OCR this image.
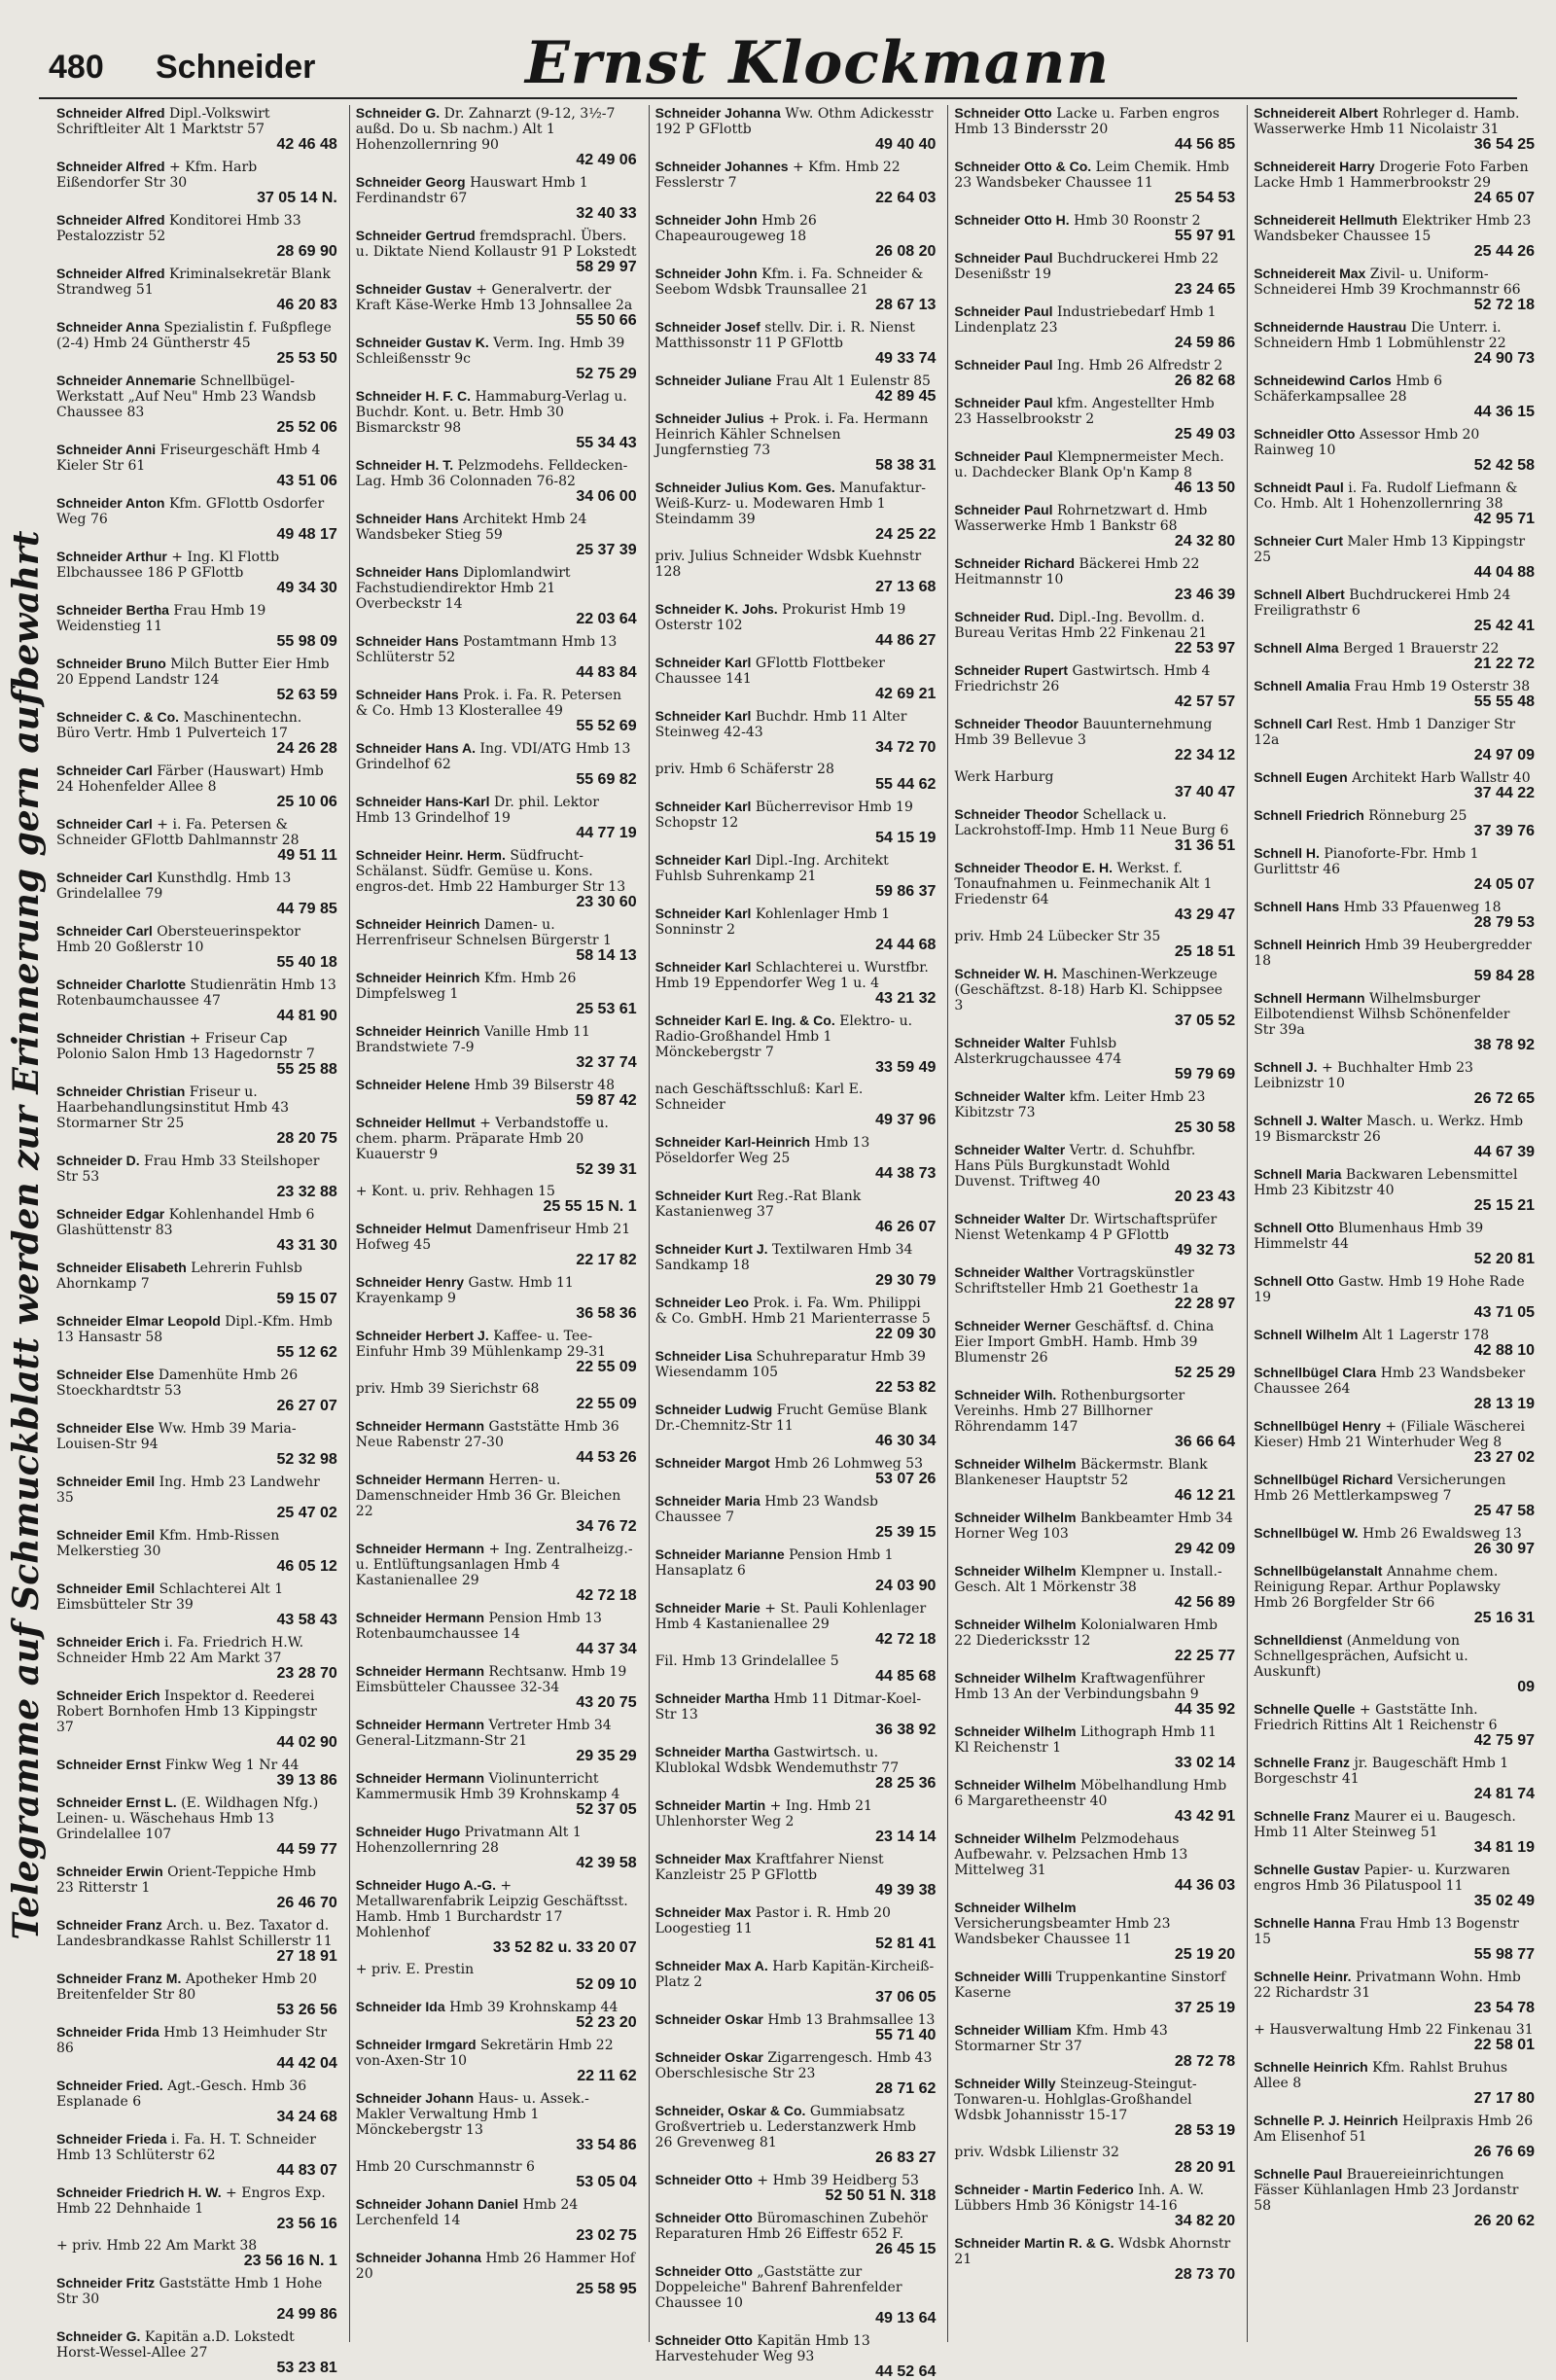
480 Schneider	Ernst Klockmann
Telegramme auf Schmuckblatt werden zur Erinnerung gern aufbewahrt
Schneider Alfred Dipl.-Volkswirt Schriftleiter Alt 1 Marktstr 57
42 46 48
Schneider Alfred + Kfm. Harb Eißendorfer Str 30
37 05 14 N.
Schneider Alfred Konditorei Hmb 33 Pestalozzistr 52
28 69 90
Schneider Alfred Kriminalsekretär Blank Strandweg 51
46 20 83
Schneider Anna Spezialistin f. Fußpflege (2-4) Hmb 24 Güntherstr 45
25 53 50
Schneider Annemarie Schnellbügel-Werkstatt „Auf Neu" Hmb 23 Wandsb Chaussee 83
25 52 06
Schneider Anni Friseurgeschäft Hmb 4 Kieler Str 61
43 51 06
Schneider Anton Kfm. GFlottb Osdorfer Weg 76
49 48 17
Schneider Arthur + Ing. Kl Flottb Elbchaussee 186 P GFlottb
49 34 30
Schneider Bertha Frau Hmb 19 Weidenstieg 11
55 98 09
Schneider Bruno Milch Butter Eier Hmb 20 Eppend Landstr 124
52 63 59
Schneider C. & Co. Maschinentechn. Büro Vertr. Hmb 1 Pulverteich 17
24 26 28
Schneider Carl Färber (Hauswart) Hmb 24 Hohenfelder Allee 8
25 10 06
Schneider Carl + i. Fa. Petersen & Schneider GFlottb Dahlmannstr 28
49 51 11
Schneider Carl Kunsthdlg. Hmb 13 Grindelallee 79
44 79 85
Schneider Carl Obersteuerinspektor Hmb 20 Goßlerstr 10
55 40 18
Schneider Charlotte Studienrätin Hmb 13 Rotenbaumchaussee 47
44 81 90
Schneider Christian + Friseur Cap Polonio Salon Hmb 13 Hagedornstr 7
55 25 88
Schneider Christian Friseur u. Haarbehandlungsinstitut Hmb 43 Stormarner Str 25
28 20 75
Schneider D. Frau Hmb 33 Steilshoper Str 53
23 32 88
Schneider Edgar Kohlenhandel Hmb 6 Glashüttenstr 83
43 31 30
Schneider Elisabeth Lehrerin Fuhlsb Ahornkamp 7
59 15 07
Schneider Elmar Leopold Dipl.-Kfm. Hmb 13 Hansastr 58
55 12 62
Schneider Else Damenhüte Hmb 26 Stoeckhardtstr 53
26 27 07
Schneider Else Ww. Hmb 39 Maria-Louisen-Str 94
52 32 98
Schneider Emil Ing. Hmb 23 Landwehr 35
25 47 02
Schneider Emil Kfm. Hmb-Rissen Melkerstieg 30
46 05 12
Schneider Emil Schlachterei Alt 1 Eimsbütteler Str 39
43 58 43
Schneider Erich i. Fa. Friedrich H.W. Schneider Hmb 22 Am Markt 37
23 28 70
Schneider Erich Inspektor d. Reederei Robert Bornhofen Hmb 13 Kippingstr 37
44 02 90
Schneider Ernst Finkw Weg 1 Nr 44
39 13 86
Schneider Ernst L. (E. Wildhagen Nfg.) Leinen- u. Wäschehaus Hmb 13 Grindelallee 107
44 59 77
Schneider Erwin Orient-Teppiche Hmb 23 Ritterstr 1
26 46 70
Schneider Franz Arch. u. Bez. Taxator d. Landesbrandkasse Rahlst Schillerstr 11
27 18 91
Schneider Franz M. Apotheker Hmb 20 Breitenfelder Str 80
53 26 56
Schneider Frida Hmb 13 Heimhuder Str 86
44 42 04
Schneider Fried. Agt.-Gesch. Hmb 36 Esplanade 6
34 24 68
Schneider Frieda i. Fa. H. T. Schneider Hmb 13 Schlüterstr 62
44 83 07
Schneider Friedrich H. W. + Engros Exp. Hmb 22 Dehnhaide 1
23 56 16
+ priv. Hmb 22 Am Markt 38
23 56 16 N. 1
Schneider Fritz Gaststätte Hmb 1 Hohe Str 30
24 99 86
Schneider G. Kapitän a.D. Lokstedt Horst-Wessel-Allee 27
53 23 81
Schneider G. Dr. Zahnarzt (9-12, 3½-7 außd. Do u. Sb nachm.) Alt 1 Hohenzollernring 90
42 49 06
Schneider Georg Hauswart Hmb 1 Ferdinandstr 67
32 40 33
Schneider Gertrud fremdsprachl. Übers. u. Diktate Niend Kollaustr 91 P Lokstedt
58 29 97
Schneider Gustav + Generalvertr. der Kraft Käse-Werke Hmb 13 Johnsallee 2a
55 50 66
Schneider Gustav K. Verm. Ing. Hmb 39 Schleißensstr 9c
52 75 29
Schneider H. F. C. Hammaburg-Verlag u. Buchdr. Kont. u. Betr. Hmb 30 Bismarckstr 98
55 34 43
Schneider H. T. Pelzmodehs. Felldecken-Lag. Hmb 36 Colonnaden 76-82
34 06 00
Schneider Hans Architekt Hmb 24 Wandsbeker Stieg 59
25 37 39
Schneider Hans Diplomlandwirt Fachstudiendirektor Hmb 21 Overbeckstr 14
22 03 64
Schneider Hans Postamtmann Hmb 13 Schlüterstr 52
44 83 84
Schneider Hans Prok. i. Fa. R. Petersen & Co. Hmb 13 Klosterallee 49
55 52 69
Schneider Hans A. Ing. VDI/ATG Hmb 13 Grindelhof 62
55 69 82
Schneider Hans-Karl Dr. phil. Lektor Hmb 13 Grindelhof 19
44 77 19
Schneider Heinr. Herm. Südfrucht-Schälanst. Südfr. Gemüse u. Kons. engros-det. Hmb 22 Hamburger Str 13
23 30 60
Schneider Heinrich Damen- u. Herrenfriseur Schnelsen Bürgerstr 1
58 14 13
Schneider Heinrich Kfm. Hmb 26 Dimpfelsweg 1
25 53 61
Schneider Heinrich Vanille Hmb 11 Brandstwiete 7-9
32 37 74
Schneider Helene Hmb 39 Bilserstr 48
59 87 42
Schneider Hellmut + Verbandstoffe u. chem. pharm. Präparate Hmb 20 Kuauerstr 9
52 39 31
+ Kont. u. priv. Rehhagen 15
25 55 15 N. 1
Schneider Helmut Damenfriseur Hmb 21 Hofweg 45
22 17 82
Schneider Henry Gastw. Hmb 11 Krayenkamp 9
36 58 36
Schneider Herbert J. Kaffee- u. Tee-Einfuhr Hmb 39 Mühlenkamp 29-31
22 55 09
priv. Hmb 39 Sierichstr 68
22 55 09
Schneider Hermann Gaststätte Hmb 36 Neue Rabenstr 27-30
44 53 26
Schneider Hermann Herren- u. Damenschneider Hmb 36 Gr. Bleichen 22
34 76 72
Schneider Hermann + Ing. Zentralheizg.- u. Entlüftungsanlagen Hmb 4 Kastanienallee 29
42 72 18
Schneider Hermann Pension Hmb 13 Rotenbaumchaussee 14
44 37 34
Schneider Hermann Rechtsanw. Hmb 19 Eimsbütteler Chaussee 32-34
43 20 75
Schneider Hermann Vertreter Hmb 34 General-Litzmann-Str 21
29 35 29
Schneider Hermann Violinunterricht Kammermusik Hmb 39 Krohnskamp 4
52 37 05
Schneider Hugo Privatmann Alt 1 Hohenzollernring 28
42 39 58
Schneider Hugo A.-G. + Metallwarenfabrik Leipzig Geschäftsst. Hamb. Hmb 1 Burchardstr 17 Mohlenhof
33 52 82 u. 33 20 07
+ priv. E. Prestin
52 09 10
Schneider Ida Hmb 39 Krohnskamp 44
52 23 20
Schneider Irmgard Sekretärin Hmb 22 von-Axen-Str 10
22 11 62
Schneider Johann Haus- u. Assek.-Makler Verwaltung Hmb 1 Mönckebergstr 13
33 54 86
Hmb 20 Curschmannstr 6
53 05 04
Schneider Johann Daniel Hmb 24 Lerchenfeld 14
23 02 75
Schneider Johanna Hmb 26 Hammer Hof 20
25 58 95
Schneider Johanna Ww. Othm Adickesstr 192 P GFlottb
49 40 40
Schneider Johannes + Kfm. Hmb 22 Fesslerstr 7
22 64 03
Schneider John Hmb 26 Chapeaurougeweg 18
26 08 20
Schneider John Kfm. i. Fa. Schneider & Seebom Wdsbk Traunsallee 21
28 67 13
Schneider Josef stellv. Dir. i. R. Nienst Matthissonstr 11 P GFlottb
49 33 74
Schneider Juliane Frau Alt 1 Eulenstr 85
42 89 45
Schneider Julius + Prok. i. Fa. Hermann Heinrich Kähler Schnelsen Jungfernstieg 73
58 38 31
Schneider Julius Kom. Ges. Manufaktur-Weiß-Kurz- u. Modewaren Hmb 1 Steindamm 39
24 25 22
priv. Julius Schneider Wdsbk Kuehnstr 128
27 13 68
Schneider K. Johs. Prokurist Hmb 19 Osterstr 102
44 86 27
Schneider Karl GFlottb Flottbeker Chaussee 141
42 69 21
Schneider Karl Buchdr. Hmb 11 Alter Steinweg 42-43
34 72 70
priv. Hmb 6 Schäferstr 28
55 44 62
Schneider Karl Bücherrevisor Hmb 19 Schopstr 12
54 15 19
Schneider Karl Dipl.-Ing. Architekt Fuhlsb Suhrenkamp 21
59 86 37
Schneider Karl Kohlenlager Hmb 1 Sonninstr 2
24 44 68
Schneider Karl Schlachterei u. Wurstfbr. Hmb 19 Eppendorfer Weg 1 u. 4
43 21 32
Schneider Karl E. Ing. & Co. Elektro- u. Radio-Großhandel Hmb 1 Mönckebergstr 7
33 59 49
nach Geschäftsschluß: Karl E. Schneider
49 37 96
Schneider Karl-Heinrich Hmb 13 Pöseldorfer Weg 25
44 38 73
Schneider Kurt Reg.-Rat Blank Kastanienweg 37
46 26 07
Schneider Kurt J. Textilwaren Hmb 34 Sandkamp 18
29 30 79
Schneider Leo Prok. i. Fa. Wm. Philippi & Co. GmbH. Hmb 21 Marienterrasse 5
22 09 30
Schneider Lisa Schuhreparatur Hmb 39 Wiesendamm 105
22 53 82
Schneider Ludwig Frucht Gemüse Blank Dr.-Chemnitz-Str 11
46 30 34
Schneider Margot Hmb 26 Lohmweg 53
53 07 26
Schneider Maria Hmb 23 Wandsb Chaussee 7
25 39 15
Schneider Marianne Pension Hmb 1 Hansaplatz 6
24 03 90
Schneider Marie + St. Pauli Kohlenlager Hmb 4 Kastanienallee 29
42 72 18
Fil. Hmb 13 Grindelallee 5
44 85 68
Schneider Martha Hmb 11 Ditmar-Koel-Str 13
36 38 92
Schneider Martha Gastwirtsch. u. Klublokal Wdsbk Wendemuthstr 77
28 25 36
Schneider Martin + Ing. Hmb 21 Uhlenhorster Weg 2
23 14 14
Schneider Max Kraftfahrer Nienst Kanzleistr 25 P GFlottb
49 39 38
Schneider Max Pastor i. R. Hmb 20 Loogestieg 11
52 81 41
Schneider Max A. Harb Kapitän-Kircheiß-Platz 2
37 06 05
Schneider Oskar Hmb 13 Brahmsallee 13
55 71 40
Schneider Oskar Zigarrengesch. Hmb 43 Oberschlesische Str 23
28 71 62
Schneider, Oskar & Co. Gummiabsatz Großvertrieb u. Lederstanzwerk Hmb 26 Grevenweg 81
26 83 27
Schneider Otto + Hmb 39 Heidberg 53
52 50 51 N. 318
Schneider Otto Büromaschinen Zubehör Reparaturen Hmb 26 Eiffestr 652 F.
26 45 15
Schneider Otto „Gaststätte zur Doppeleiche" Bahrenf Bahrenfelder Chaussee 10
49 13 64
Schneider Otto Kapitän Hmb 13 Harvestehuder Weg 93
44 52 64
Schneider Otto Lacke u. Farben engros Hmb 13 Bindersstr 20
44 56 85
Schneider Otto & Co. Leim Chemik. Hmb 23 Wandsbeker Chaussee 11
25 54 53
Schneider Otto H. Hmb 30 Roonstr 2
55 97 91
Schneider Paul Buchdruckerei Hmb 22 Desenißstr 19
23 24 65
Schneider Paul Industriebedarf Hmb 1 Lindenplatz 23
24 59 86
Schneider Paul Ing. Hmb 26 Alfredstr 2
26 82 68
Schneider Paul kfm. Angestellter Hmb 23 Hasselbrookstr 2
25 49 03
Schneider Paul Klempnermeister Mech. u. Dachdecker Blank Op'n Kamp 8
46 13 50
Schneider Paul Rohrnetzwart d. Hmb Wasserwerke Hmb 1 Bankstr 68
24 32 80
Schneider Richard Bäckerei Hmb 22 Heitmannstr 10
23 46 39
Schneider Rud. Dipl.-Ing. Bevollm. d. Bureau Veritas Hmb 22 Finkenau 21
22 53 97
Schneider Rupert Gastwirtsch. Hmb 4 Friedrichstr 26
42 57 57
Schneider Theodor Bauunternehmung Hmb 39 Bellevue 3
22 34 12
Werk Harburg
37 40 47
Schneider Theodor Schellack u. Lackrohstoff-Imp. Hmb 11 Neue Burg 6
31 36 51
Schneider Theodor E. H. Werkst. f. Tonaufnahmen u. Feinmechanik Alt 1 Friedenstr 64
43 29 47
priv. Hmb 24 Lübecker Str 35
25 18 51
Schneider W. H. Maschinen-Werkzeuge (Geschäftzst. 8-18) Harb Kl. Schippsee 3
37 05 52
Schneider Walter Fuhlsb Alsterkrugchaussee 474
59 79 69
Schneider Walter kfm. Leiter Hmb 23 Kibitzstr 73
25 30 58
Schneider Walter Vertr. d. Schuhfbr. Hans Püls Burgkunstadt Wohld Duvenst. Triftweg 40
20 23 43
Schneider Walter Dr. Wirtschaftsprüfer Nienst Wetenkamp 4 P GFlottb
49 32 73
Schneider Walther Vortragskünstler Schriftsteller Hmb 21 Goethestr 1a
22 28 97
Schneider Werner Geschäftsf. d. China Eier Import GmbH. Hamb. Hmb 39 Blumenstr 26
52 25 29
Schneider Wilh. Rothenburgsorter Vereinhs. Hmb 27 Billhorner Röhrendamm 147
36 66 64
Schneider Wilhelm Bäckermstr. Blank Blankeneser Hauptstr 52
46 12 21
Schneider Wilhelm Bankbeamter Hmb 34 Horner Weg 103
29 42 09
Schneider Wilhelm Klempner u. Install.-Gesch. Alt 1 Mörkenstr 38
42 56 89
Schneider Wilhelm Kolonialwaren Hmb 22 Diedericksstr 12
22 25 77
Schneider Wilhelm Kraftwagenführer Hmb 13 An der Verbindungsbahn 9
44 35 92
Schneider Wilhelm Lithograph Hmb 11 Kl Reichenstr 1
33 02 14
Schneider Wilhelm Möbelhandlung Hmb 6 Margaretheenstr 40
43 42 91
Schneider Wilhelm Pelzmodehaus Aufbewahr. v. Pelzsachen Hmb 13 Mittelweg 31
44 36 03
Schneider Wilhelm Versicherungsbeamter Hmb 23 Wandsbeker Chaussee 11
25 19 20
Schneider Willi Truppenkantine Sinstorf Kaserne
37 25 19
Schneider William Kfm. Hmb 43 Stormarner Str 37
28 72 78
Schneider Willy Steinzeug-Steingut-Tonwaren-u. Hohlglas-Großhandel Wdsbk Johannisstr 15-17
28 53 19
priv. Wdsbk Lilienstr 32
28 20 91
Schneider - Martin Federico Inh. A. W. Lübbers Hmb 36 Königstr 14-16
34 82 20
Schneider Martin R. & G. Wdsbk Ahornstr 21
28 73 70
Schneidereit Albert Rohrleger d. Hamb. Wasserwerke Hmb 11 Nicolaistr 31
36 54 25
Schneidereit Harry Drogerie Foto Farben Lacke Hmb 1 Hammerbrookstr 29
24 65 07
Schneidereit Hellmuth Elektriker Hmb 23 Wandsbeker Chaussee 15
25 44 26
Schneidereit Max Zivil- u. Uniform-Schneiderei Hmb 39 Krochmannstr 66
52 72 18
Schneidernde Haustrau Die Unterr. i. Schneidern Hmb 1 Lobmühlenstr 22
24 90 73
Schneidewind Carlos Hmb 6 Schäferkampsallee 28
44 36 15
Schneidler Otto Assessor Hmb 20 Rainweg 10
52 42 58
Schneidt Paul i. Fa. Rudolf Liefmann & Co. Hmb. Alt 1 Hohenzollernring 38
42 95 71
Schneier Curt Maler Hmb 13 Kippingstr 25
44 04 88
Schnell Albert Buchdruckerei Hmb 24 Freiligrathstr 6
25 42 41
Schnell Alma Berged 1 Brauerstr 22
21 22 72
Schnell Amalia Frau Hmb 19 Osterstr 38
55 55 48
Schnell Carl Rest. Hmb 1 Danziger Str 12a
24 97 09
Schnell Eugen Architekt Harb Wallstr 40
37 44 22
Schnell Friedrich Rönneburg 25
37 39 76
Schnell H. Pianoforte-Fbr. Hmb 1 Gurlittstr 46
24 05 07
Schnell Hans Hmb 33 Pfauenweg 18
28 79 53
Schnell Heinrich Hmb 39 Heubergredder 18
59 84 28
Schnell Hermann Wilhelmsburger Eilbotendienst Wilhsb Schönenfelder Str 39a
38 78 92
Schnell J. + Buchhalter Hmb 23 Leibnizstr 10
26 72 65
Schnell J. Walter Masch. u. Werkz. Hmb 19 Bismarckstr 26
44 67 39
Schnell Maria Backwaren Lebensmittel Hmb 23 Kibitzstr 40
25 15 21
Schnell Otto Blumenhaus Hmb 39 Himmelstr 44
52 20 81
Schnell Otto Gastw. Hmb 19 Hohe Rade 19
43 71 05
Schnell Wilhelm Alt 1 Lagerstr 178
42 88 10
Schnellbügel Clara Hmb 23 Wandsbeker Chaussee 264
28 13 19
Schnellbügel Henry + (Filiale Wäscherei Kieser) Hmb 21 Winterhuder Weg 8
23 27 02
Schnellbügel Richard Versicherungen Hmb 26 Mettlerkampsweg 7
25 47 58
Schnellbügel W. Hmb 26 Ewaldsweg 13
26 30 97
Schnellbügelanstalt Annahme chem. Reinigung Repar. Arthur Poplawsky Hmb 26 Borgfelder Str 66
25 16 31
Schnelldienst (Anmeldung von Schnellgesprächen, Aufsicht u. Auskunft)
09
Schnelle Quelle + Gaststätte Inh. Friedrich Rittins Alt 1 Reichenstr 6
42 75 97
Schnelle Franz jr. Baugeschäft Hmb 1 Borgeschstr 41
24 81 74
Schnelle Franz Maurer ei u. Baugesch. Hmb 11 Alter Steinweg 51
34 81 19
Schnelle Gustav Papier- u. Kurzwaren engros Hmb 36 Pilatuspool 11
35 02 49
Schnelle Hanna Frau Hmb 13 Bogenstr 15
55 98 77
Schnelle Heinr. Privatmann Wohn. Hmb 22 Richardstr 31
23 54 78
+ Hausverwaltung Hmb 22 Finkenau 31
22 58 01
Schnelle Heinrich Kfm. Rahlst Bruhus Allee 8
27 17 80
Schnelle P. J. Heinrich Heilpraxis Hmb 26 Am Elisenhof 51
26 76 69
Schnelle Paul Brauereieinrichtungen Fässer Kühlanlagen Hmb 23 Jordanstr 58
26 20 62
